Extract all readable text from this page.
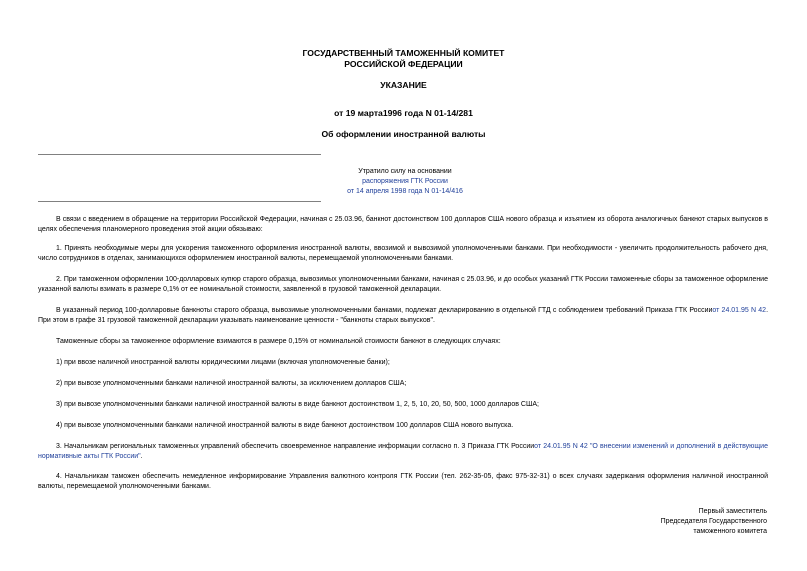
ГОСУДАРСТВЕННЫЙ ТАМОЖЕННЫЙ КОМИТЕТ
РОССИЙСКОЙ ФЕДЕРАЦИИ
УКАЗАНИЕ
от 19 марта1996 года N 01-14/281
Об оформлении иностранной валюты
Утратило силу на основании
распоряжения ГТК России
от 14 апреля 1998 года N 01-14/416
В связи с введением в обращение на территории Российской Федерации, начиная с 25.03.96, банкнот достоинством 100 долларов США нового образца и изъятием из оборота аналогичных банкнот старых выпусков в целях обеспечения планомерного проведения этой акции обязываю:
1. Принять необходимые меры для ускорения таможенного оформления иностранной валюты, ввозимой и вывозимой уполномоченными банками. При необходимости - увеличить продолжительность рабочего дня, число сотрудников в отделах, занимающихся оформлением иностранной валюты, перемещаемой уполномоченными банками.
2. При таможенном оформлении 100-долларовых купюр старого образца, вывозимых уполномоченными банками, начиная с 25.03.96, и до особых указаний ГТК России таможенные сборы за таможенное оформление указанной валюты взимать в размере 0,1% от ее номинальной стоимости, заявленной в грузовой таможенной декларации.
В указанный период 100-долларовые банкноты старого образца, вывозимые уполномоченными банками, подлежат декларированию в отдельной ГТД с соблюдением требований Приказа ГТК Россииот 24.01.95 N 42. При этом в графе 31 грузовой таможенной декларации указывать наименование ценности - "банкноты старых выпусков".
Таможенные сборы за таможенное оформление взимаются в размере 0,15% от номинальной стоимости банкнот в следующих случаях:
1) при ввозе наличной иностранной валюты юридическими лицами (включая уполномоченные банки);
2) при вывозе уполномоченными банками наличной иностранной валюты, за исключением долларов США;
3) при вывозе уполномоченными банками наличной иностранной валюты в виде банкнот достоинством 1, 2, 5, 10, 20, 50, 500, 1000 долларов США;
4) при вывозе уполномоченными банками наличной иностранной валюты в виде банкнот достоинством 100 долларов США нового выпуска.
3. Начальникам региональных таможенных управлений обеспечить своевременное направление информации согласно п. 3 Приказа ГТК Россииот 24.01.95 N 42 "О внесении изменений и дополнений в действующие нормативные акты ГТК России".
4. Начальникам таможен обеспечить немедленное информирование Управления валютного контроля ГТК России (тел. 262-35-05, факс 975-32-31) о всех случаях задержания оформления наличной иностранной валюты, перемещаемой уполномоченными банками.
Первый заместитель
Председателя Государственного
таможенного комитета
